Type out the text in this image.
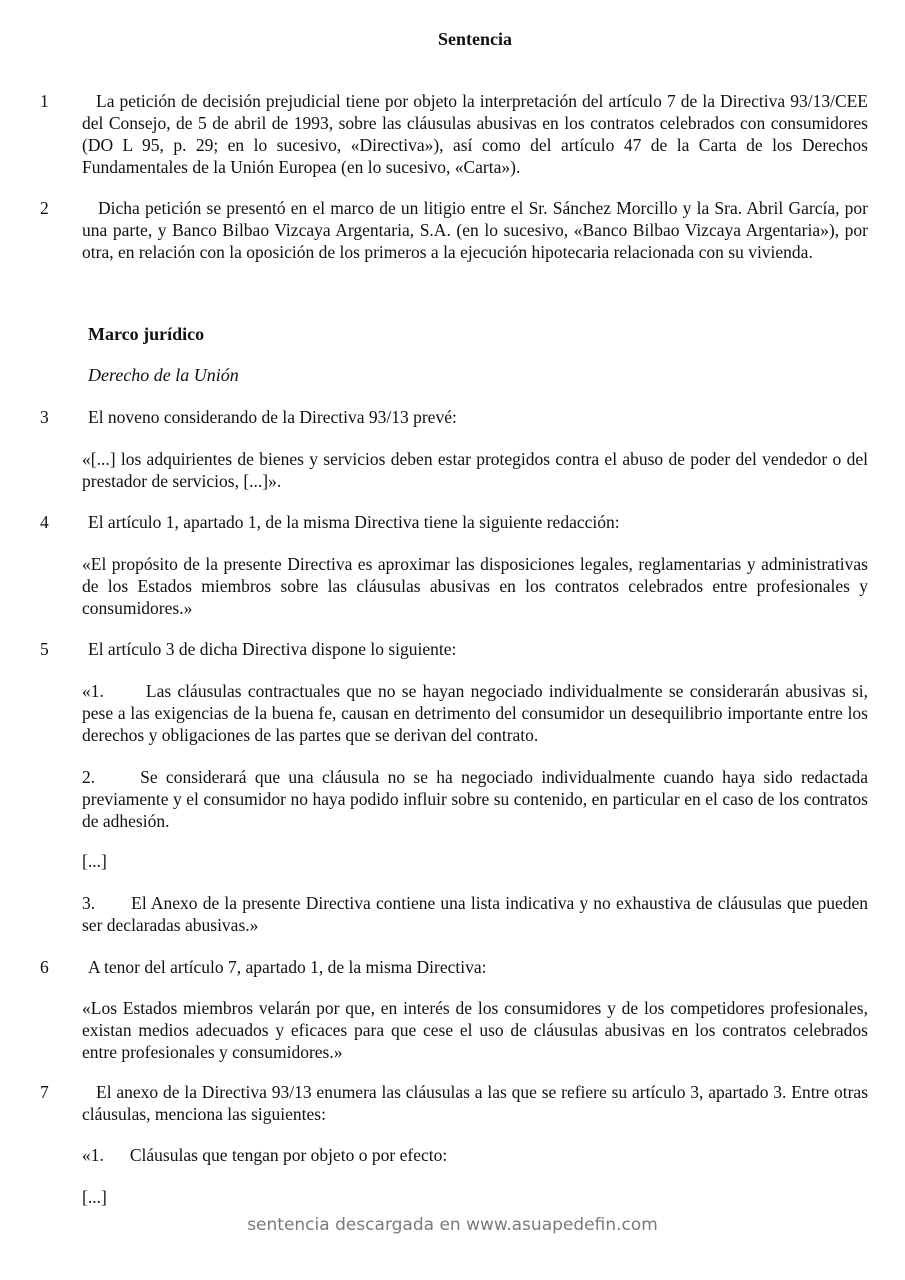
Sentencia
1	La petición de decisión prejudicial tiene por objeto la interpretación del artículo 7 de la Directiva 93/13/CEE del Consejo, de 5 de abril de 1993, sobre las cláusulas abusivas en los contratos celebrados con consumidores (DO L 95, p. 29; en lo sucesivo, «Directiva»), así como del artículo 47 de la Carta de los Derechos Fundamentales de la Unión Europea (en lo sucesivo, «Carta»).
2	Dicha petición se presentó en el marco de un litigio entre el Sr. Sánchez Morcillo y la Sra. Abril García, por una parte, y Banco Bilbao Vizcaya Argentaria, S.A. (en lo sucesivo, «Banco Bilbao Vizcaya Argentaria»), por otra, en relación con la oposición de los primeros a la ejecución hipotecaria relacionada con su vivienda.
Marco jurídico
Derecho de la Unión
3	El noveno considerando de la Directiva 93/13 prevé:
«[...] los adquirientes de bienes y servicios deben estar protegidos contra el abuso de poder del vendedor o del prestador de servicios, [...]».
4	El artículo 1, apartado 1, de la misma Directiva tiene la siguiente redacción:
«El propósito de la presente Directiva es aproximar las disposiciones legales, reglamentarias y administrativas de los Estados miembros sobre las cláusulas abusivas en los contratos celebrados entre profesionales y consumidores.»
5	El artículo 3 de dicha Directiva dispone lo siguiente:
«1. Las cláusulas contractuales que no se hayan negociado individualmente se considerarán abusivas si, pese a las exigencias de la buena fe, causan en detrimento del consumidor un desequilibrio importante entre los derechos y obligaciones de las partes que se derivan del contrato.
2.	Se considerará que una cláusula no se ha negociado individualmente cuando haya sido redactada previamente y el consumidor no haya podido influir sobre su contenido, en particular en el caso de los contratos de adhesión.
[...]
3. El Anexo de la presente Directiva contiene una lista indicativa y no exhaustiva de cláusulas que pueden ser declaradas abusivas.»
6	A tenor del artículo 7, apartado 1, de la misma Directiva:
«Los Estados miembros velarán por que, en interés de los consumidores y de los competidores profesionales, existan medios adecuados y eficaces para que cese el uso de cláusulas abusivas en los contratos celebrados entre profesionales y consumidores.»
7	El anexo de la Directiva 93/13 enumera las cláusulas a las que se refiere su artículo 3, apartado 3. Entre otras cláusulas, menciona las siguientes:
«1. Cláusulas que tengan por objeto o por efecto:
[...]
sentencia descargada en www.asuapedefin.com
